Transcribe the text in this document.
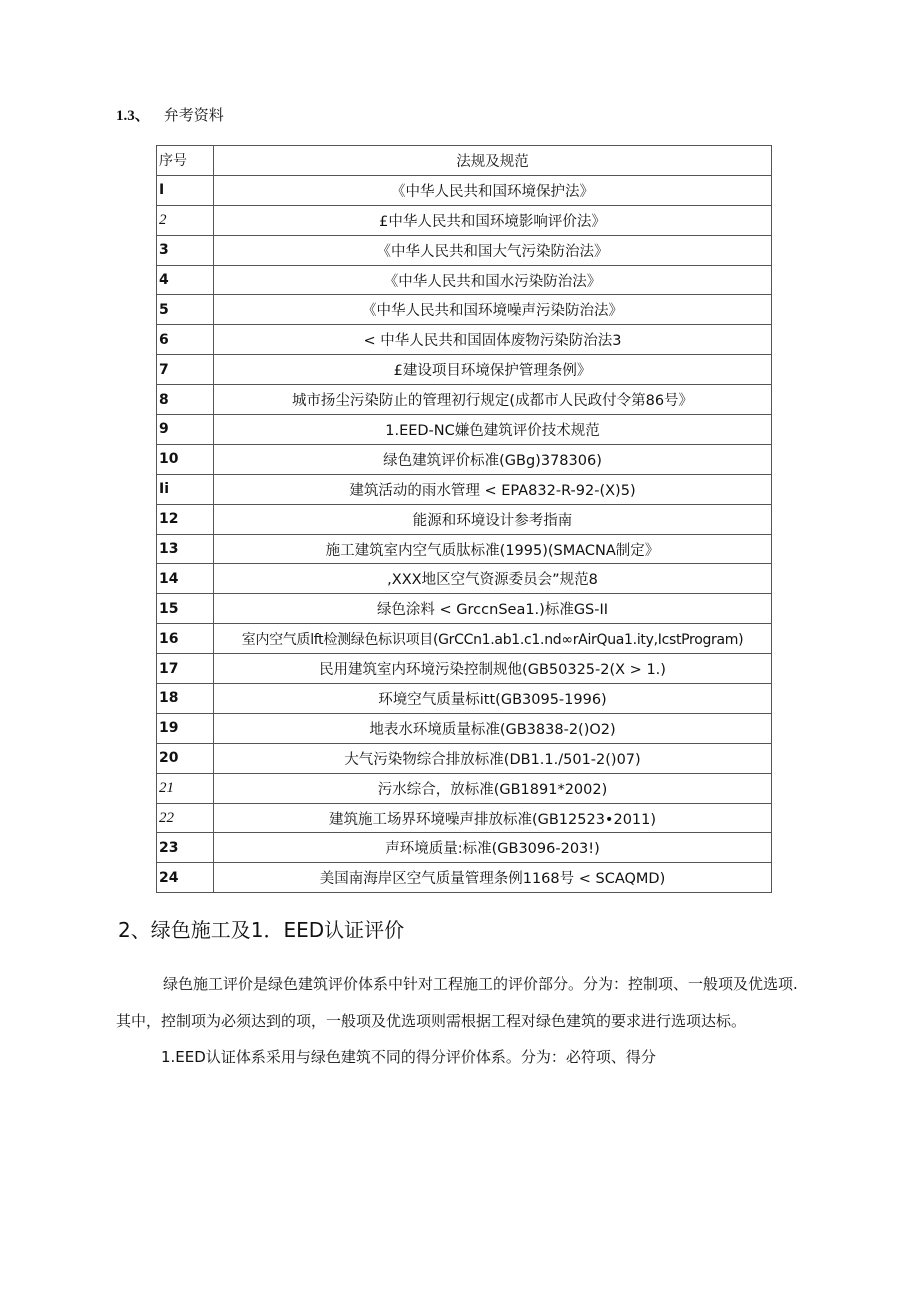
1.3、 弁考资料
序号	法规及规范
I	《中华人民共和国环境保护法》
2	£中华人民共和国环境影响评价法》
3	《中华人民共和国大气污染防治法》
4	《中华人民共和国水污染防治法》
5	《中华人民共和国环境噪声污染防治法》
6	< 中华人民共和国固体废物污染防治法3
7	£建设项目环境保护管理条例》
8	城市扬尘污染防止的管理初行规定(成都市人民政付令第86号》
9	1.EED-NC嫌色建筑评价技术规范
10	绿色建筑评价标准(GBg)378306)
Ii	建筑活动的雨水管理 < EPA832-R-92-(X)5)
12	能源和环境设计参考指南
13	施工建筑室内空气质肽标准(1995)(SMACNA制定》
14	,XXX地区空气资源委员会”规范8
15	绿色涂料 < GrccnSea1.)标准GS-II
16	室内空气质lft检测绿色标识项目(GrCCn1.ab1.c1.nd∞rAirQua1.ity,IcstProgram)
17	民用建筑室内环境污染控制规他(GB50325-2(X > 1.)
18	环境空气质量标itt(GB3095-1996)
19	地表水环境质量标准(GB3838-2()O2)
20	大气污染物综合排放标准(DB1.1./501-2()07)
21	污水综合，放标准(GB1891*2002)
22	建筑施工场界环境噪声排放标准(GB12523•2011)
23	声环境质量:标准(GB3096-203!)
24	美国南海岸区空气质量管理条例1168号 < SCAQMD)
2、绿色施工及1．EED认证评价
绿色施工评价是绿色建筑评价体系中针对工程施工的评价部分。分为：控制项、一般项及优选项.
其中，控制项为必须达到的项，一般项及优选项则需根据工程对绿色建筑的要求进行选项达标。
1.EED认证体系采用与绿色建筑不同的得分评价体系。分为：必符项、得分
